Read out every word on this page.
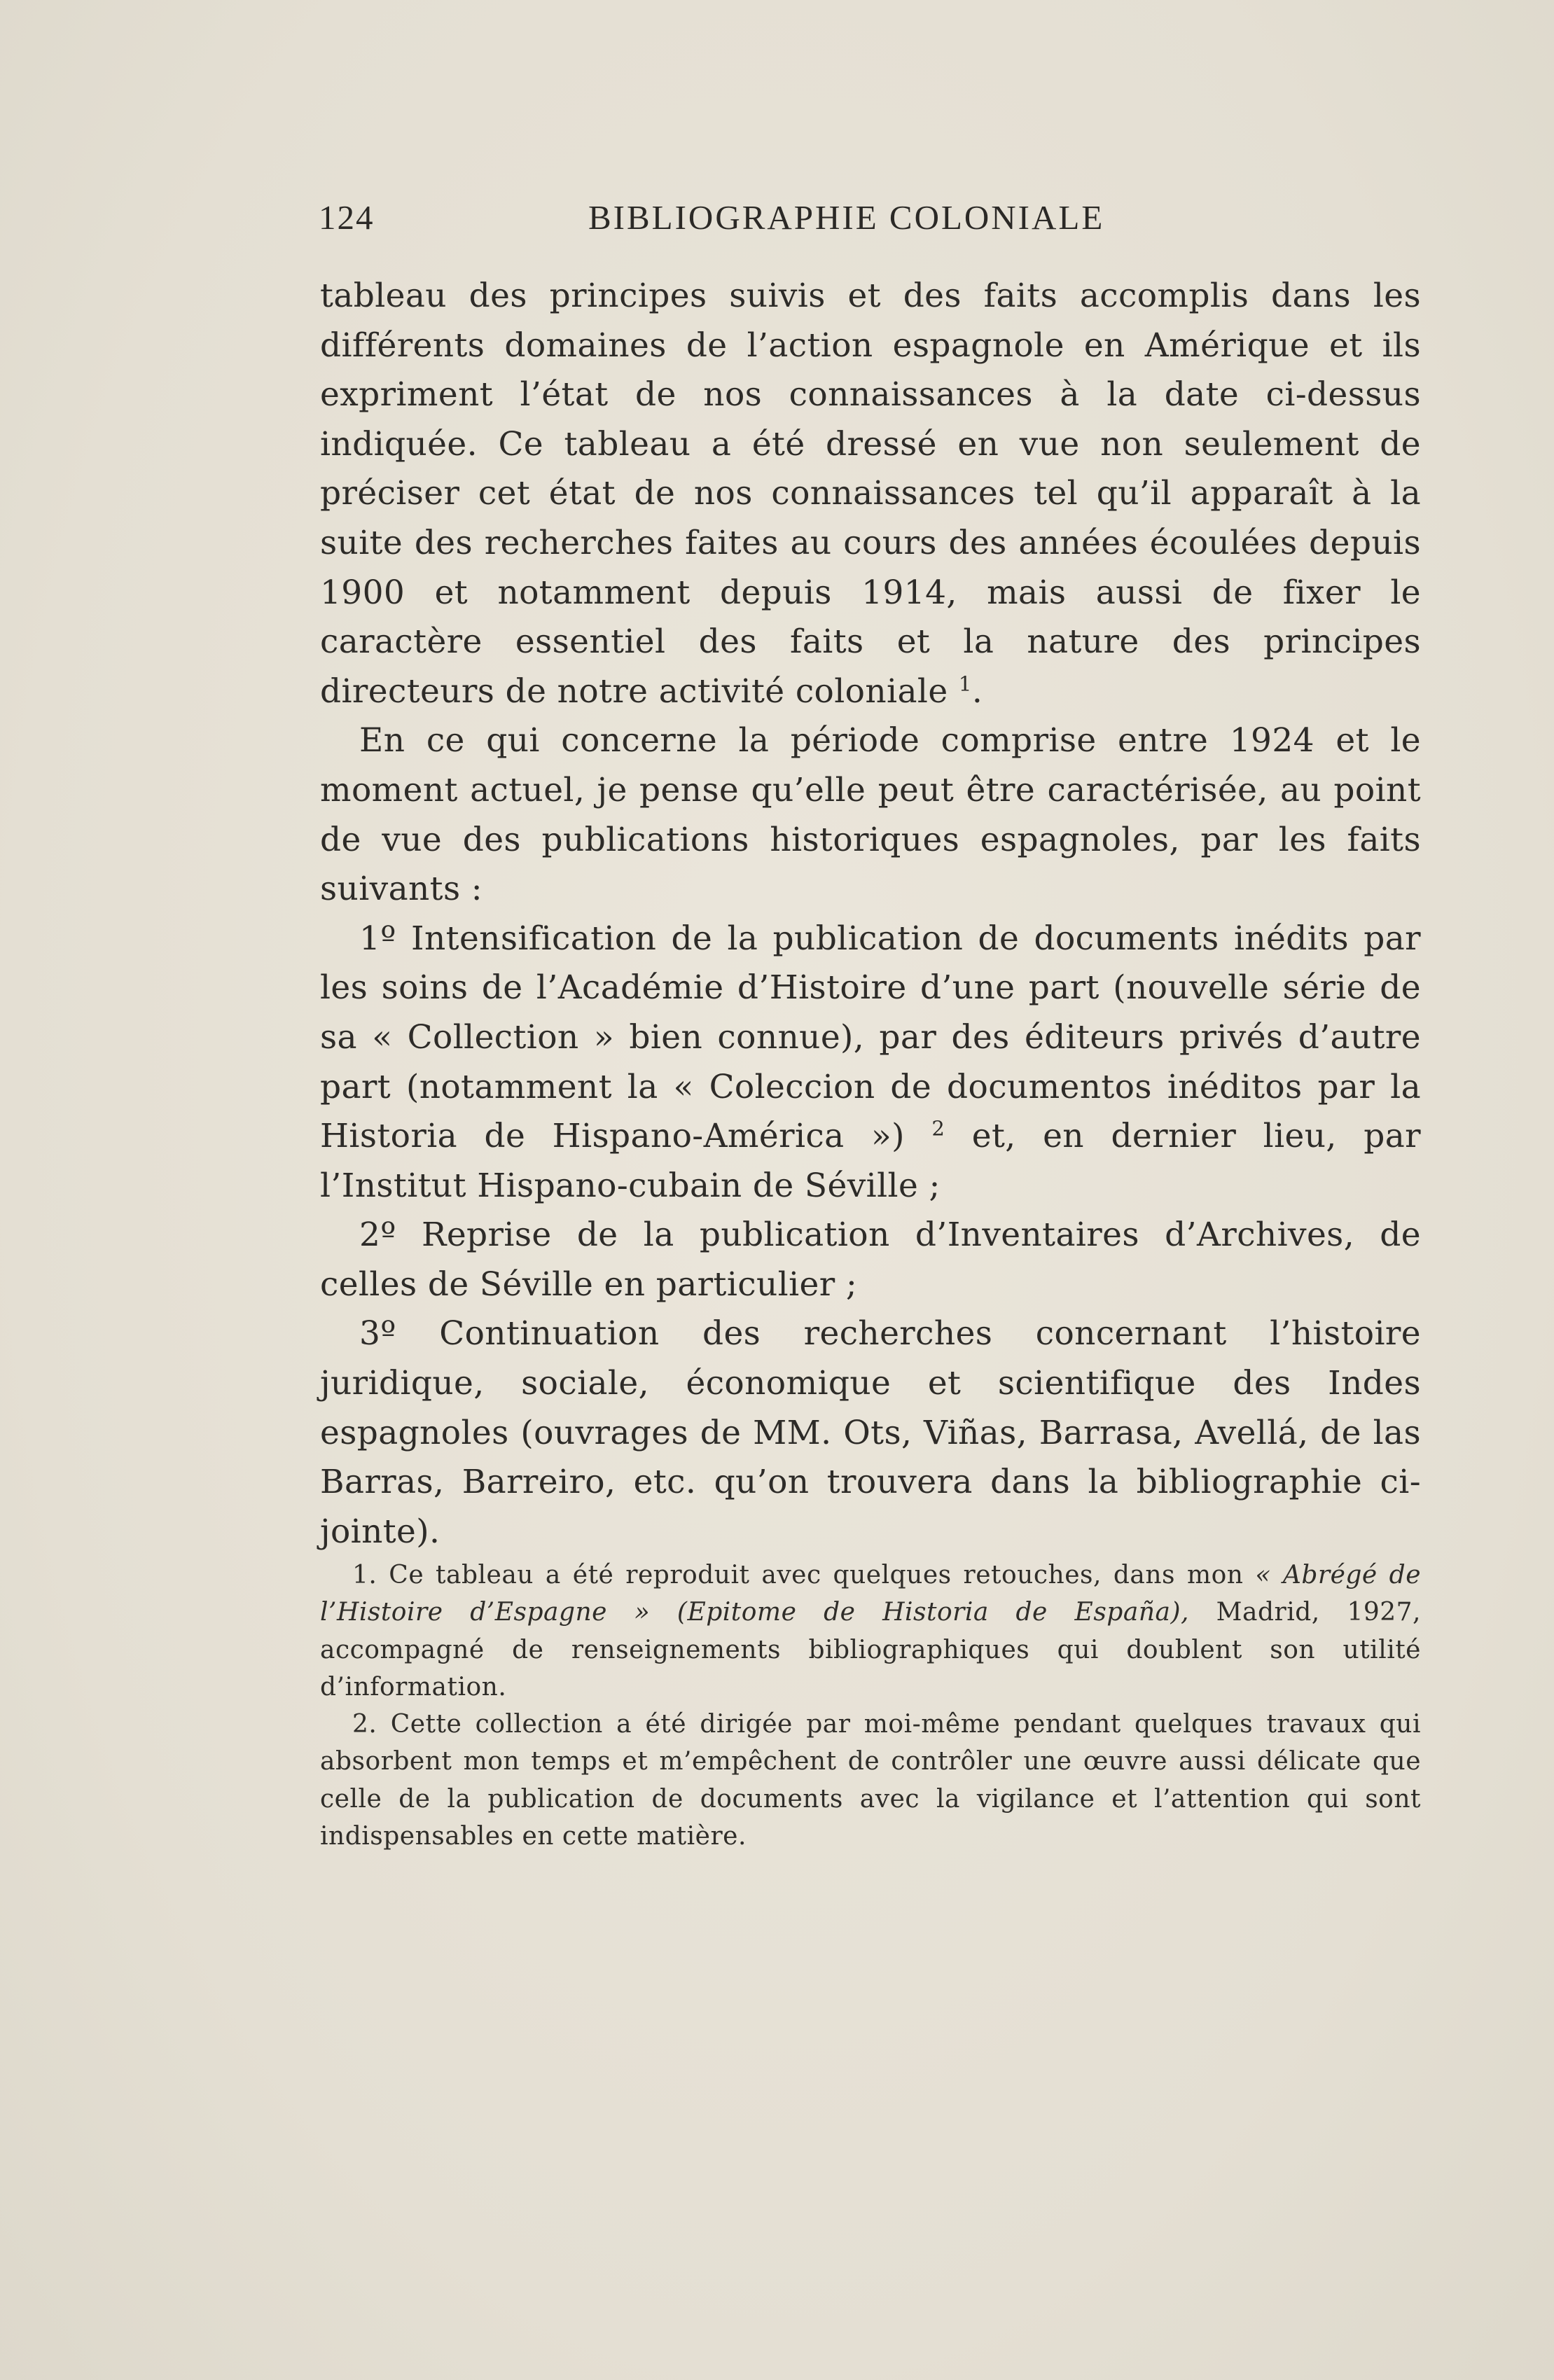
124	BIBLIOGRAPHIE COLONIALE

tableau des principes suivis et des faits accomplis dans les différents domaines de l’action espagnole en Amérique et ils expriment l’état de nos connaissances à la date ci-dessus indiquée. Ce tableau a été dressé en vue non seulement de préciser cet état de nos connaissances tel qu’il apparaît à la suite des recherches faites au cours des années écoulées depuis 1900 et notamment depuis 1914, mais aussi de fixer le caractère essentiel des faits et la nature des principes directeurs de notre activité coloniale $^1$.

En ce qui concerne la période comprise entre 1924 et le moment actuel, je pense qu’elle peut être caractérisée, au point de vue des publications historiques espagnoles, par les faits suivants :

1º Intensification de la publication de documents inédits par les soins de l’Académie d’Histoire d’une part (nouvelle série de sa « Collection » bien connue), par des éditeurs privés d’autre part (notamment la « Coleccion de documentos inéditos par la Historia de Hispano-América ») $^2$ et, en dernier lieu, par l’Institut Hispano-cubain de Séville ;

2º Reprise de la publication d’Inventaires d’Archives, de celles de Séville en particulier ;

3º Continuation des recherches concernant l’histoire juridique, sociale, économique et scientifique des Indes espagnoles (ouvrages de MM. Ots, Viñas, Barrasa, Avellá, de las Barras, Barreiro, etc. qu’on trouvera dans la bibliographie ci-jointe).

1. Ce tableau a été reproduit avec quelques retouches, dans mon « Abrégé de l’Histoire d’Espagne » (Epitome de Historia de España), Madrid, 1927, accompagné de renseignements bibliographiques qui doublent son utilité d’information.

2. Cette collection a été dirigée par moi-même pendant quelques travaux qui absorbent mon temps et m’empêchent de contrôler une œuvre aussi délicate que celle de la publication de documents avec la vigilance et l’attention qui sont indispensables en cette matière.
